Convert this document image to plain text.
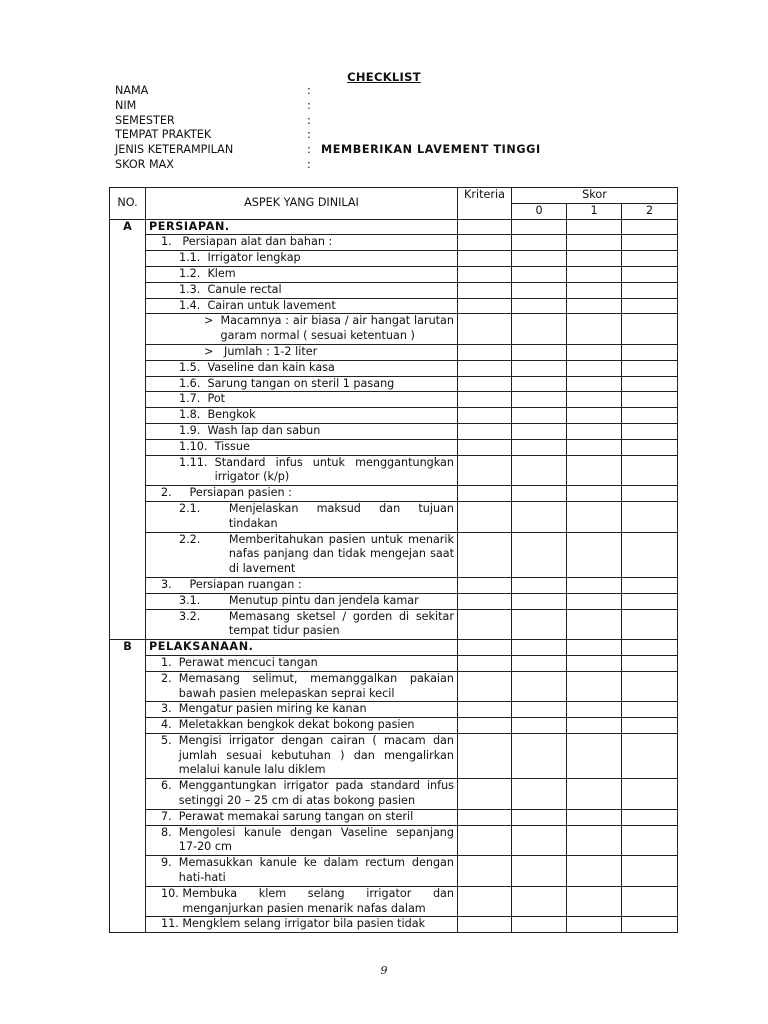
CHECKLIST
NAMA	:
NIM	:
SEMESTER	:
TEMPAT PRAKTEK	:
JENIS KETERAMPILAN	: MEMBERIKAN LAVEMENT TINGGI
SKOR MAX	:
NO.	ASPEK YANG DINILAI	Kriteria	Skor		
			0	1	2
A	PERSIAPAN.				

	1. Persiapan alat dan bahan :				

	1.1. Irrigator lengkap				

	1.2. Klem				

	1.3. Canule rectal				

	1.4. Cairan untuk lavement				

	> Macamnya : air biasa / air hangat larutan garam normal ( sesuai ketentuan )				

	> Jumlah : 1-2 liter				

	1.5. Vaseline dan kain kasa				

	1.6. Sarung tangan on steril 1 pasang				

	1.7. Pot				

	1.8. Bengkok				

	1.9. Wash lap dan sabun				

	1.10. Tissue				

	1.11. Standard infus untuk menggantungkan irrigator (k/p)				

	2. Persiapan pasien :				

	2.1. Menjelaskan maksud dan tujuan tindakan				

	2.2. Memberitahukan pasien untuk menarik nafas panjang dan tidak mengejan saat di lavement				

	3. Persiapan ruangan :				

	3.1. Menutup pintu dan jendela kamar				

	3.2. Memasang sketsel / gorden di sekitar tempat tidur pasien				

B	PELAKSANAAN.				

	1. Perawat mencuci tangan				

	2. Memasang selimut, memanggalkan pakaian bawah pasien melepaskan seprai kecil				

	3. Mengatur pasien miring ke kanan				

	4. Meletakkan bengkok dekat bokong pasien				

	5. Mengisi irrigator dengan cairan ( macam dan jumlah sesuai kebutuhan ) dan mengalirkan melalui kanule lalu diklem				

	6. Menggantungkan irrigator pada standard infus setinggi 20 – 25 cm di atas bokong pasien				

	7. Perawat memakai sarung tangan on steril				

	8. Mengolesi kanule dengan Vaseline sepanjang 17-20 cm				

	9. Memasukkan kanule ke dalam rectum dengan hati-hati				

	10. Membuka klem selang irrigator dan menganjurkan pasien menarik nafas dalam				

	11. Mengklem selang irrigator bila pasien tidak				

9
